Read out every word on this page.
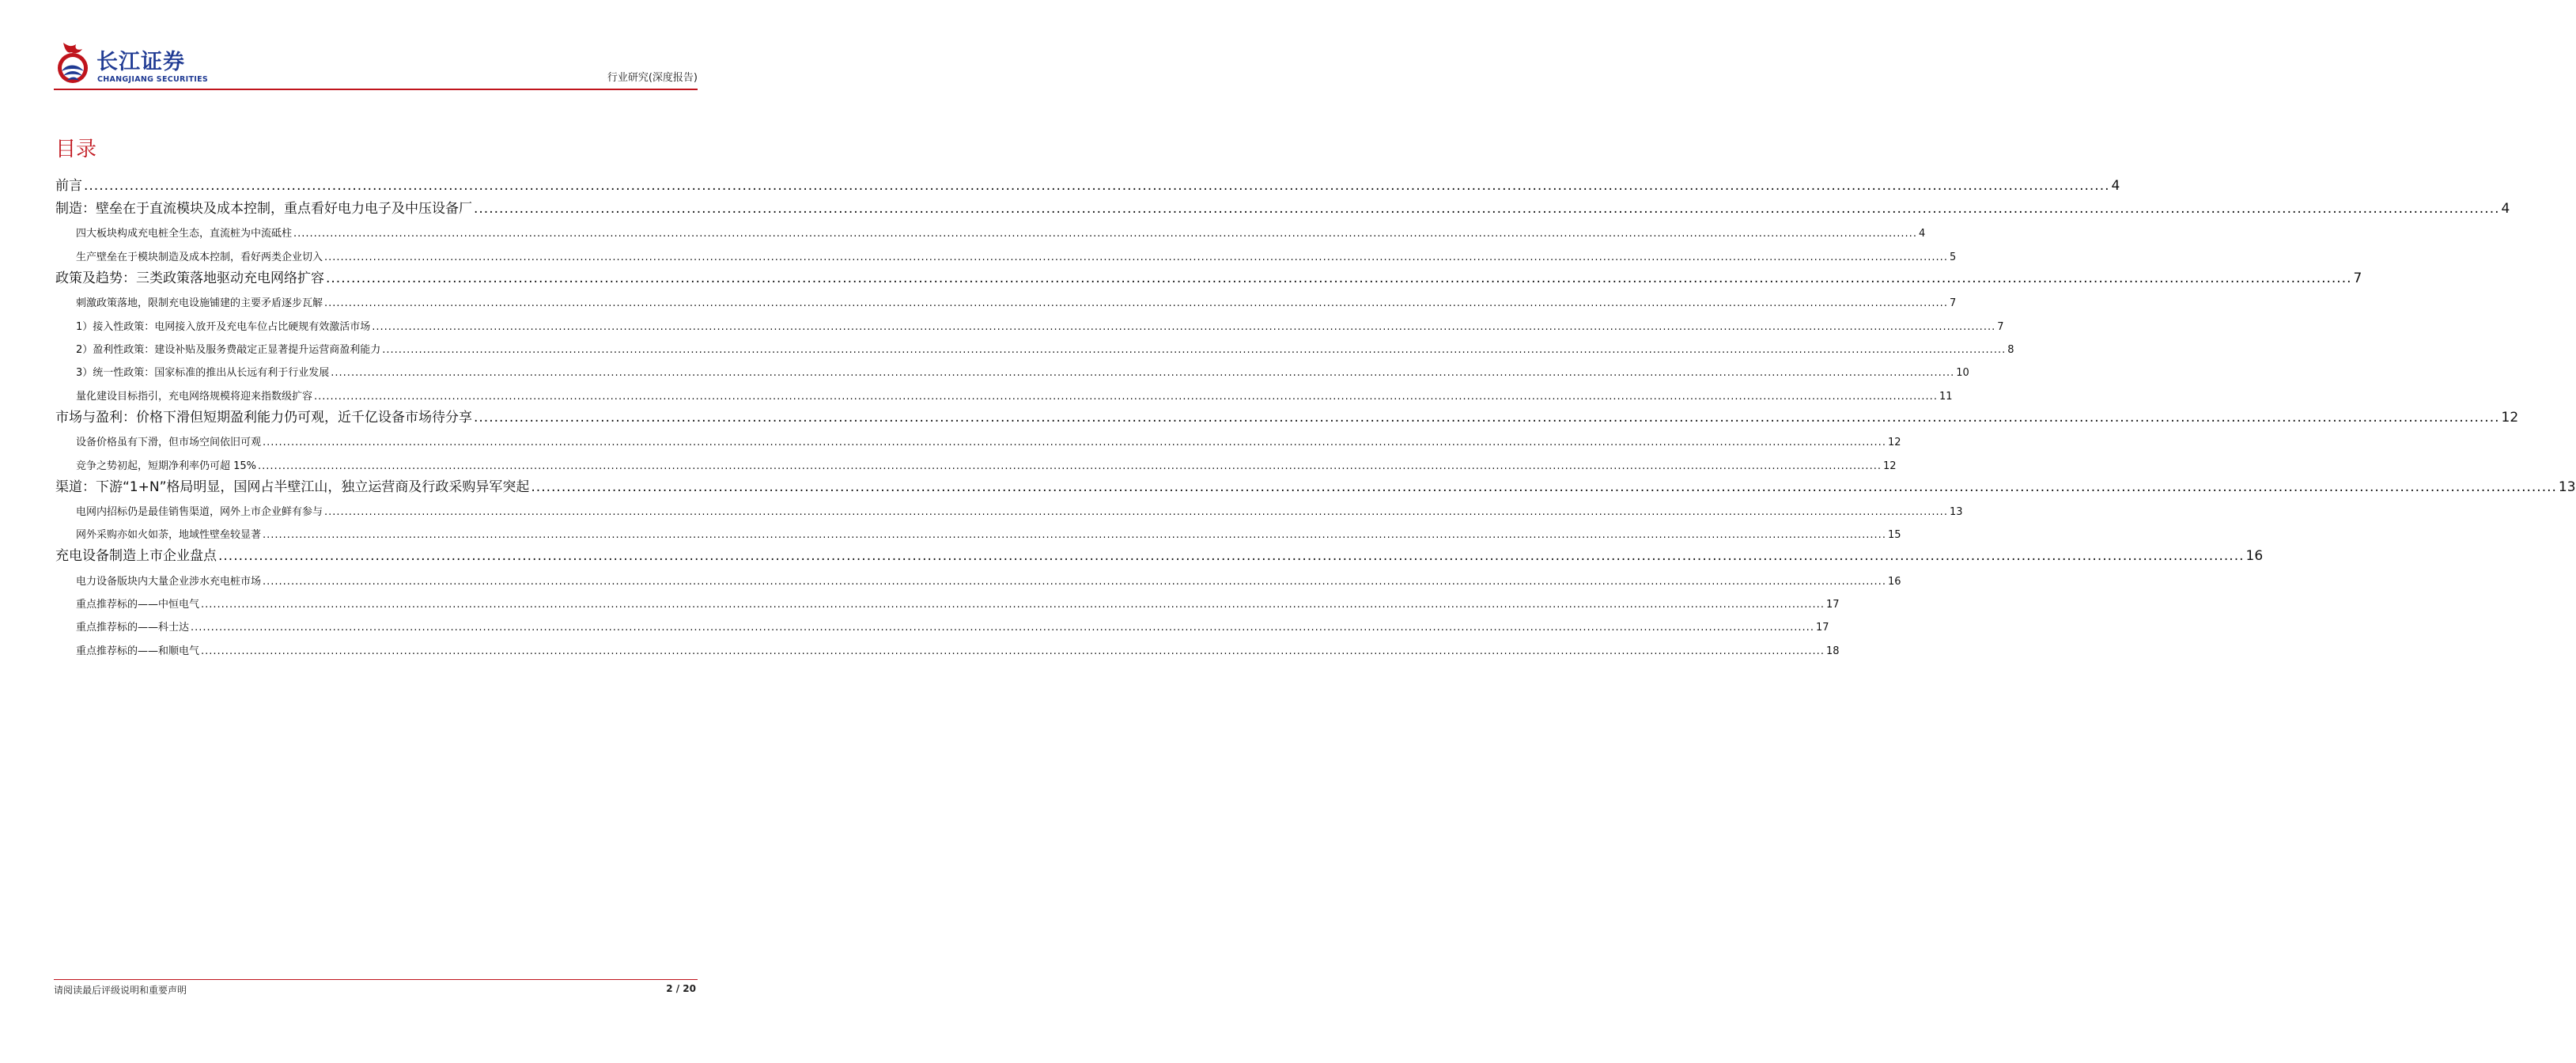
长江证券
CHANGJIANG SECURITIES	行业研究(深度报告)
目录
前言 ................................................................................................................................................................................................................................................................................................................................................................................................................ 4
制造：壁垒在于直流模块及成本控制，重点看好电力电子及中压设备厂 ................................................................................................................................................................................................................................................................................................................................................................................................................ 4
四大板块构成充电桩全生态，直流桩为中流砥柱 ................................................................................................................................................................................................................................................................................................................................................................................................................ 4
生产壁垒在于模块制造及成本控制，看好两类企业切入 ................................................................................................................................................................................................................................................................................................................................................................................................................ 5
政策及趋势：三类政策落地驱动充电网络扩容 ................................................................................................................................................................................................................................................................................................................................................................................................................ 7
刺激政策落地，限制充电设施铺建的主要矛盾逐步瓦解 ................................................................................................................................................................................................................................................................................................................................................................................................................ 7
1）接入性政策：电网接入放开及充电车位占比硬规有效激活市场 ................................................................................................................................................................................................................................................................................................................................................................................................................ 7
2）盈利性政策：建设补贴及服务费敲定正显著提升运营商盈利能力 ................................................................................................................................................................................................................................................................................................................................................................................................................ 8
3）统一性政策：国家标准的推出从长远有利于行业发展 ................................................................................................................................................................................................................................................................................................................................................................................................................ 10
量化建设目标指引，充电网络规模将迎来指数级扩容 ................................................................................................................................................................................................................................................................................................................................................................................................................ 11
市场与盈利：价格下滑但短期盈利能力仍可观，近千亿设备市场待分享 ................................................................................................................................................................................................................................................................................................................................................................................................................ 12
设备价格虽有下滑，但市场空间依旧可观 ................................................................................................................................................................................................................................................................................................................................................................................................................ 12
竞争之势初起，短期净利率仍可超 15% ................................................................................................................................................................................................................................................................................................................................................................................................................ 12
渠道：下游“1+N”格局明显，国网占半壁江山，独立运营商及行政采购异军突起 ................................................................................................................................................................................................................................................................................................................................................................................................................ 13
电网内招标仍是最佳销售渠道，网外上市企业鲜有参与 ................................................................................................................................................................................................................................................................................................................................................................................................................ 13
网外采购亦如火如荼，地域性壁垒较显著 ................................................................................................................................................................................................................................................................................................................................................................................................................ 15
充电设备制造上市企业盘点 ................................................................................................................................................................................................................................................................................................................................................................................................................ 16
电力设备版块内大量企业涉水充电桩市场 ................................................................................................................................................................................................................................................................................................................................................................................................................ 16
重点推荐标的——中恒电气 ................................................................................................................................................................................................................................................................................................................................................................................................................ 17
重点推荐标的——科士达 ................................................................................................................................................................................................................................................................................................................................................................................................................ 17
重点推荐标的——和顺电气 ................................................................................................................................................................................................................................................................................................................................................................................................................ 18
请阅读最后评级说明和重要声明	2 / 20
